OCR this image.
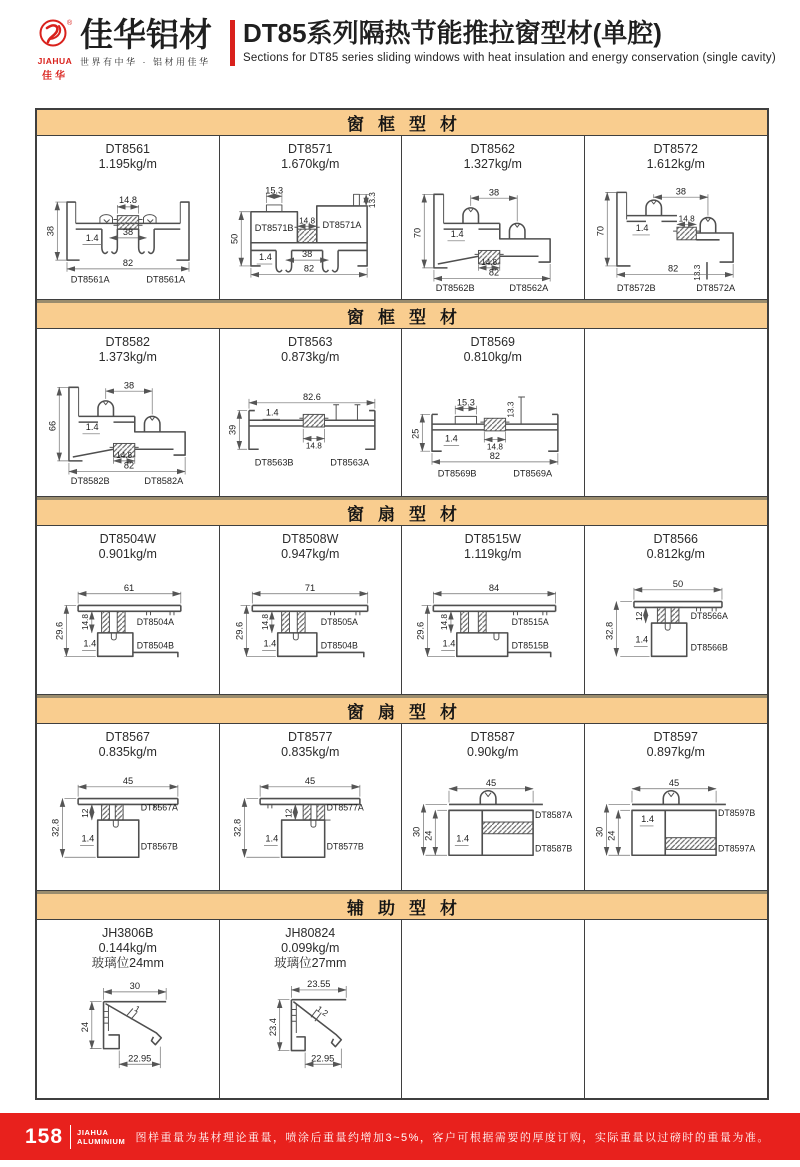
®
JIAHUA
佳华
佳华铝材
世界有中华 · 铝材用佳华
DT85系列隔热节能推拉窗型材(单腔)
Sections for DT85 series sliding windows with heat insulation and energy conservation (single cavity)
窗框型材
DT8561
1.195kg/m
14.8
38
1.4
38
82
DT8561A	DT8561A
DT8571
1.670kg/m
15.3
13.3
14.8
50
1.4	38
82
DT8571B	DT8571A
DT8562
1.327kg/m
38
70	1.4
14.8
82
DT8562B	DT8562A
DT8572
1.612kg/m
38
14.8
70	1.4
13.3
82
DT8572B	DT8572A
窗框型材
DT8582
1.373kg/m
38
66	1.4
14.8
82
DT8582B	DT8582A
DT8563
0.873kg/m
82.6
1.4
39
14.8
DT8563B	DT8563A
DT8569
0.810kg/m
15.3	13.3
25	1.4
14.8
82
DT8569B	DT8569A
窗扇型材
DT8504W
0.901kg/m
61
29.6 14.8
1.4
DT8504A
DT8504B
DT8508W
0.947kg/m
71
29.6 14.8
1.4
DT8505A
DT8504B
DT8515W
1.119kg/m
84
29.6 14.8
1.4
DT8515A
DT8515B
DT8566
0.812kg/m
50
32.8
12
1.4
DT8566A
DT8566B
窗扇型材
DT8567
0.835kg/m
45
32.8
12
1.4
DT8567A
DT8567B
DT8577
0.835kg/m
45
32.8
12
1.4
DT8577A
DT8577B
DT8587
0.90kg/m
45
30 24 1.4
DT8587A
DT8587B
DT8597
0.897kg/m
45
30 24
1.4
DT8597B
DT8597A
辅助型材
JH3806B
0.144kg/m
玻璃位24mm
1
30
24
22.95
JH80824
0.099kg/m
玻璃位27mm
1.2
23.55
23.4
22.95
158 JIAHUA
ALUMINIUM 图样重量为基材理论重量，喷涂后重量约增加3~5%，客户可根据需要的厚度订购，实际重量以过磅时的重量为准。
